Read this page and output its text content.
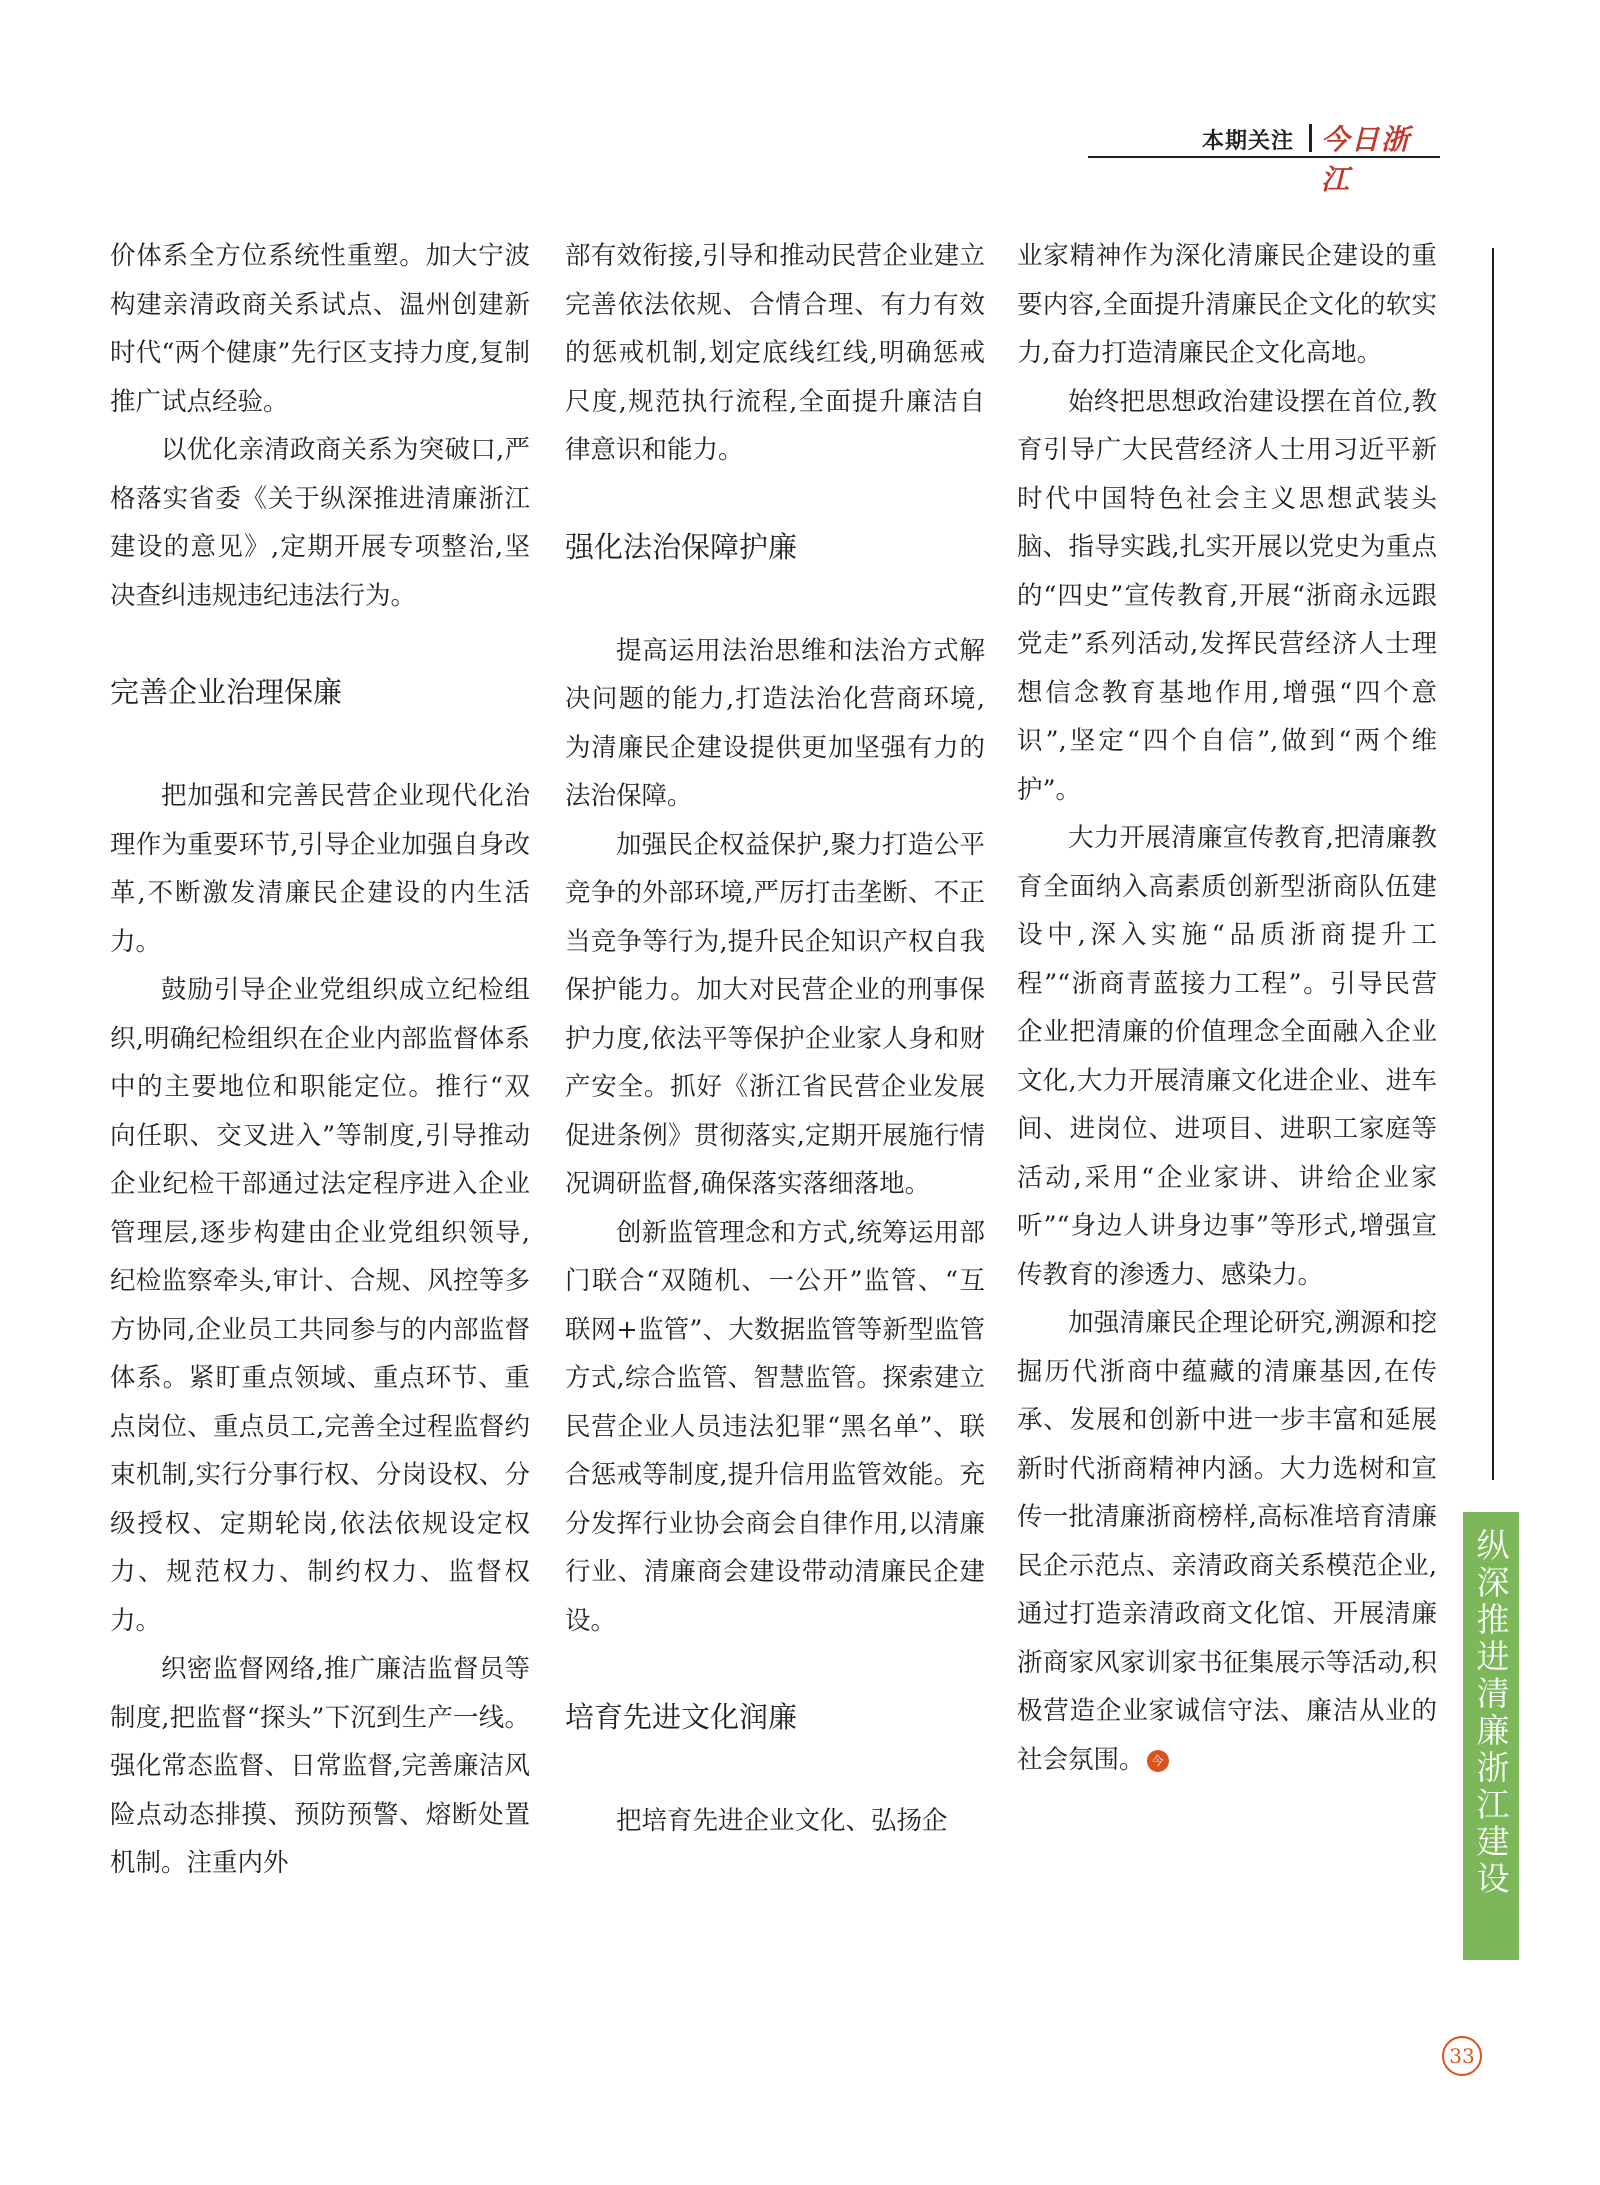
本期关注 今日浙江

价体系全方位系统性重塑。加大宁波构建亲清政商关系试点、温州创建新时代“两个健康”先行区支持力度,复制推广试点经验。

以优化亲清政商关系为突破口,严格落实省委《关于纵深推进清廉浙江建设的意见》,定期开展专项整治,坚决查纠违规违纪违法行为。

完善企业治理保廉

把加强和完善民营企业现代化治理作为重要环节,引导企业加强自身改革,不断激发清廉民企建设的内生活力。

鼓励引导企业党组织成立纪检组织,明确纪检组织在企业内部监督体系中的主要地位和职能定位。推行“双向任职、交叉进入”等制度,引导推动企业纪检干部通过法定程序进入企业管理层,逐步构建由企业党组织领导,纪检监察牵头,审计、合规、风控等多方协同,企业员工共同参与的内部监督体系。紧盯重点领域、重点环节、重点岗位、重点员工,完善全过程监督约束机制,实行分事行权、分岗设权、分级授权、定期轮岗,依法依规设定权力、规范权力、制约权力、监督权力。

织密监督网络,推广廉洁监督员等制度,把监督“探头”下沉到生产一线。强化常态监督、日常监督,完善廉洁风险点动态排摸、预防预警、熔断处置机制。注重内外

部有效衔接,引导和推动民营企业建立完善依法依规、合情合理、有力有效的惩戒机制,划定底线红线,明确惩戒尺度,规范执行流程,全面提升廉洁自律意识和能力。

强化法治保障护廉

提高运用法治思维和法治方式解决问题的能力,打造法治化营商环境,为清廉民企建设提供更加坚强有力的法治保障。

加强民企权益保护,聚力打造公平竞争的外部环境,严厉打击垄断、不正当竞争等行为,提升民企知识产权自我保护能力。加大对民营企业的刑事保护力度,依法平等保护企业家人身和财产安全。抓好《浙江省民营企业发展促进条例》贯彻落实,定期开展施行情况调研监督,确保落实落细落地。

创新监管理念和方式,统筹运用部门联合“双随机、一公开”监管、“互联网+监管”、大数据监管等新型监管方式,综合监管、智慧监管。探索建立民营企业人员违法犯罪“黑名单”、联合惩戒等制度,提升信用监管效能。充分发挥行业协会商会自律作用,以清廉行业、清廉商会建设带动清廉民企建设。

培育先进文化润廉

把培育先进企业文化、弘扬企

业家精神作为深化清廉民企建设的重要内容,全面提升清廉民企文化的软实力,奋力打造清廉民企文化高地。

始终把思想政治建设摆在首位,教育引导广大民营经济人士用习近平新时代中国特色社会主义思想武装头脑、指导实践,扎实开展以党史为重点的“四史”宣传教育,开展“浙商永远跟党走”系列活动,发挥民营经济人士理想信念教育基地作用,增强“四个意识”,坚定“四个自信”,做到“两个维护”。

大力开展清廉宣传教育,把清廉教育全面纳入高素质创新型浙商队伍建设中,深入实施“品质浙商提升工程”“浙商青蓝接力工程”。引导民营企业把清廉的价值理念全面融入企业文化,大力开展清廉文化进企业、进车间、进岗位、进项目、进职工家庭等活动,采用“企业家讲、讲给企业家听”“身边人讲身边事”等形式,增强宣传教育的渗透力、感染力。

加强清廉民企理论研究,溯源和挖掘历代浙商中蕴藏的清廉基因,在传承、发展和创新中进一步丰富和延展新时代浙商精神内涵。大力选树和宣传一批清廉浙商榜样,高标准培育清廉民企示范点、亲清政商关系模范企业,通过打造亲清政商文化馆、开展清廉浙商家风家训家书征集展示等活动,积极营造企业家诚信守法、廉洁从业的社会氛围。 今	纵深推进清廉浙江建设
33
